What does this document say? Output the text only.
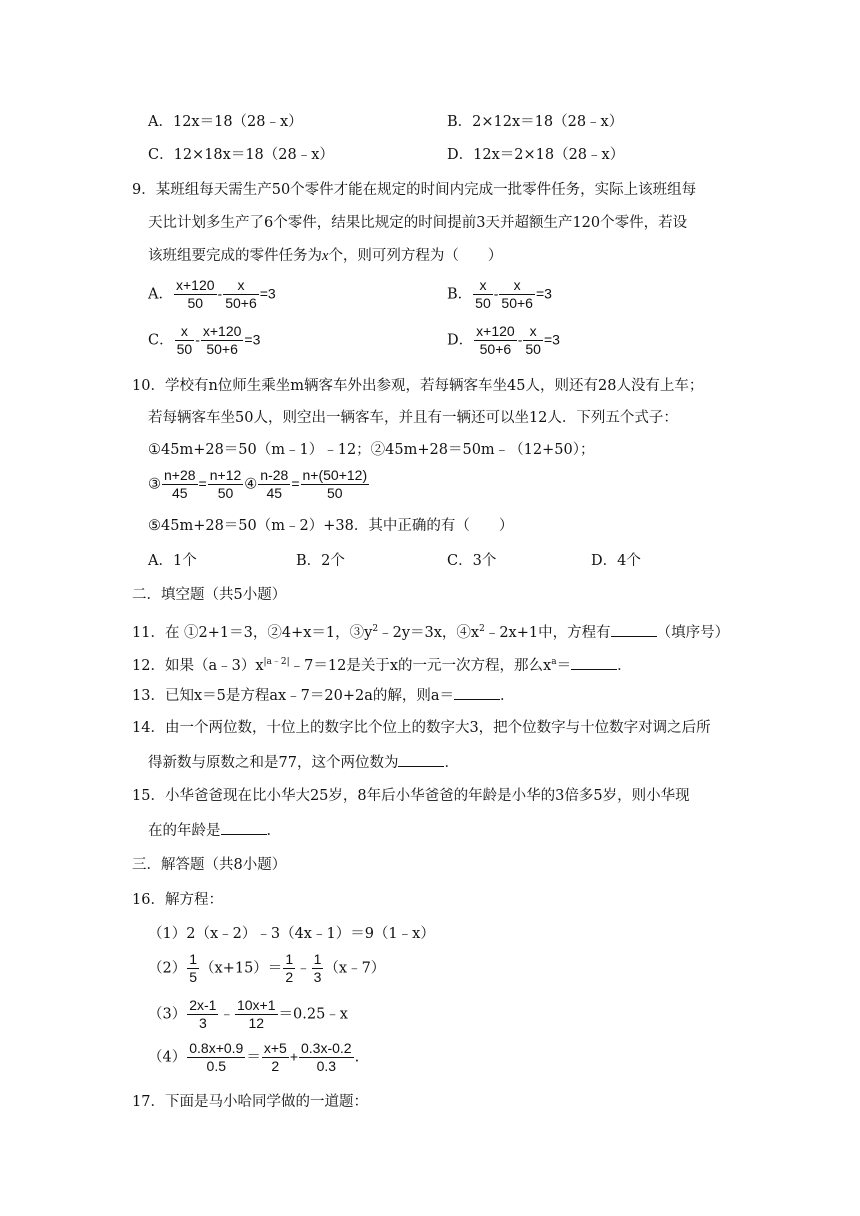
A．12x＝18（28﹣x）	B．2×12x＝18（28﹣x）
C．12×18x＝18（28﹣x）	D．12x＝2×18（28﹣x）
9．某班组每天需生产50个零件才能在规定的时间内完成一批零件任务，实际上该班组每
天比计划多生产了6个零件，结果比规定的时间提前3天并超额生产120个零件，若设
该班组要完成的零件任务为x个，则可列方程为（　　）
A． $\frac{x+120}{50} - \frac{x}{50+6} =3$	B． $\frac{x}{50} - \frac{x}{50+6} =3$
C． $\frac{x}{50} - \frac{x+120}{50+6} =3$	D． $\frac{x+120}{50+6} - \frac{x}{50} =3$
10．学校有n位师生乘坐m辆客车外出参观，若每辆客车坐45人，则还有28人没有上车；
若每辆客车坐50人，则空出一辆客车，并且有一辆还可以坐12人．下列五个式子：
①45m+28＝50（m﹣1）﹣12；②45m+28＝50m﹣（12+50）；
③ $\frac{n+28}{45} = \frac{n+12}{50}$ ④ $\frac{n-28}{45} = \frac{n+(50+12)}{50}$
⑤45m+28＝50（m﹣2）+38．其中正确的有（　　）
A．1个	B．2个	C．3个	D．4个
二．填空题（共5小题）
11．在 ①2+1＝3，②4+x＝1，$③y^2﹣2y=3x$，$④x^2﹣2x+1$中，方程有	（填序号）
12．如果$(a﹣3)x^{|a﹣2|}﹣7=12$是关于x的一元一次方程，那么$x^a=$	．
13．已知x＝5是方程ax﹣7＝20+2a的解，则a＝	．
14．由一个两位数，十位上的数字比个位上的数字大3，把个位数字与十位数字对调之后所
得新数与原数之和是77，这个两位数为	．
15．小华爸爸现在比小华大25岁，8年后小华爸爸的年龄是小华的3倍多5岁，则小华现
在的年龄是	．
三．解答题（共8小题）
16．解方程：
（1）2（x﹣2）﹣3（4x﹣1）＝9（1﹣x）
$(2) \frac{1}{5} (x+15)= \frac{1}{2}$ ﹣ $\frac{1}{3}$ （x﹣7）
$(3) \frac{2x-1}{3}$ ﹣ $\frac{10x+1}{12}$ ＝0.25﹣x
$(4) \frac{0.8x+0.9}{0.5} = \frac{x+5}{2} + \frac{0.3x-0.2}{0.3}$ .
17．下面是马小哈同学做的一道题：
